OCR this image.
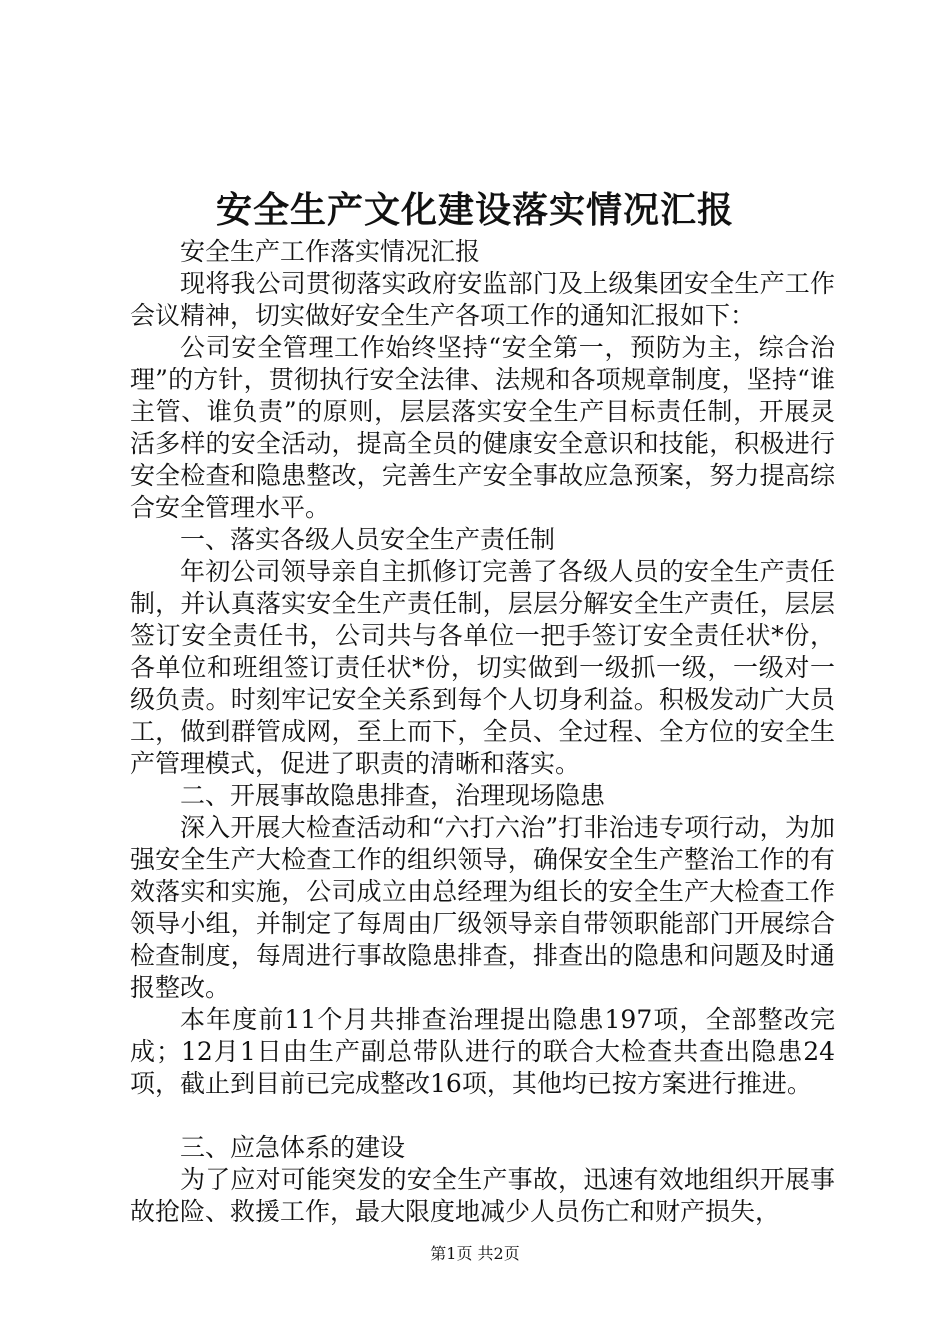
安全生产文化建设落实情况汇报

安全生产工作落实情况汇报

现将我公司贯彻落实政府安监部门及上级集团安全生产工作会议精神，切实做好安全生产各项工作的通知汇报如下：

公司安全管理工作始终坚持“安全第一，预防为主，综合治理”的方针，贯彻执行安全法律、法规和各项规章制度，坚持“谁主管、谁负责”的原则，层层落实安全生产目标责任制，开展灵活多样的安全活动，提高全员的健康安全意识和技能，积极进行安全检查和隐患整改，完善生产安全事故应急预案，努力提高综合安全管理水平。

一、落实各级人员安全生产责任制

年初公司领导亲自主抓修订完善了各级人员的安全生产责任制，并认真落实安全生产责任制，层层分解安全生产责任，层层签订安全责任书，公司共与各单位一把手签订安全责任状*份，各单位和班组签订责任状*份，切实做到一级抓一级，一级对一级负责。时刻牢记安全关系到每个人切身利益。积极发动广大员工，做到群管成网，至上而下，全员、全过程、全方位的安全生产管理模式，促进了职责的清晰和落实。

二、开展事故隐患排查，治理现场隐患

深入开展大检查活动和“六打六治”打非治违专项行动，为加强安全生产大检查工作的组织领导，确保安全生产整治工作的有效落实和实施，公司成立由总经理为组长的安全生产大检查工作领导小组，并制定了每周由厂级领导亲自带领职能部门开展综合检查制度，每周进行事故隐患排查，排查出的隐患和问题及时通报整改。

本年度前11个月共排查治理提出隐患197项，全部整改完成；12月1日由生产副总带队进行的联合大检查共查出隐患24项，截止到目前已完成整改16项，其他均已按方案进行推进。

三、应急体系的建设

为了应对可能突发的安全生产事故，迅速有效地组织开展事故抢险、救援工作，最大限度地减少人员伤亡和财产损失，

第1页 共2页
